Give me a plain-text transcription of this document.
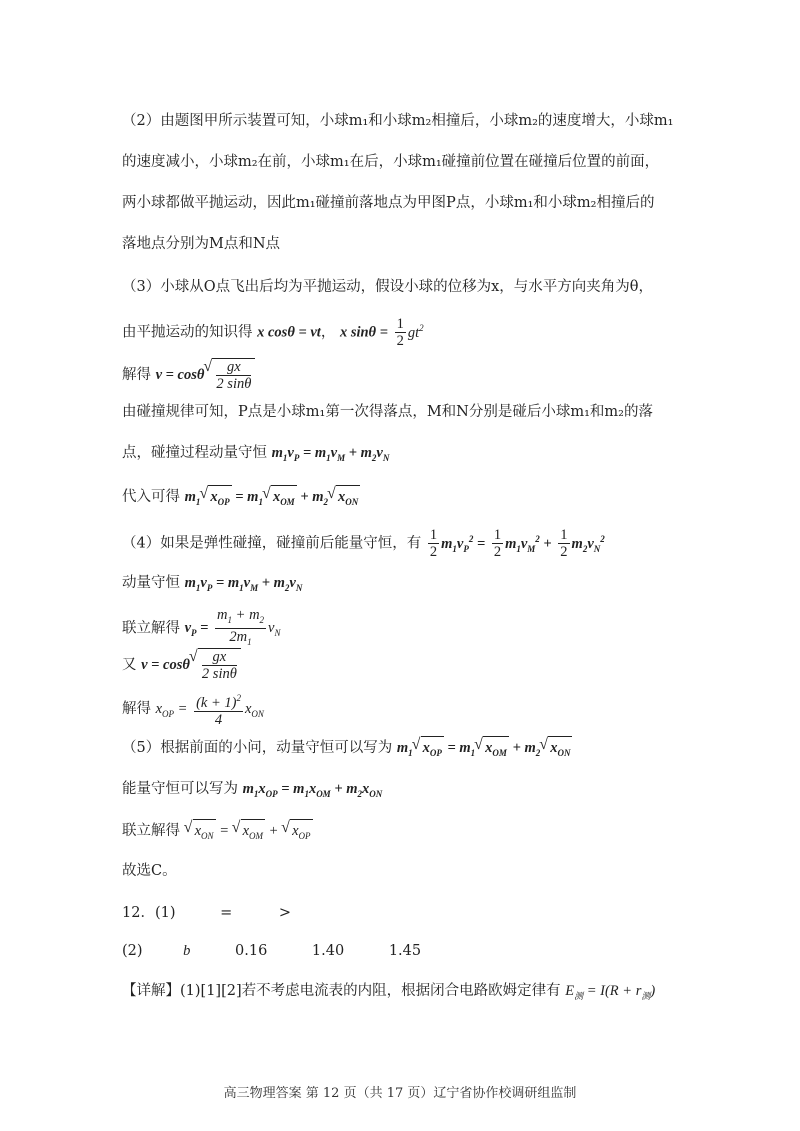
（2）由题图甲所示装置可知，小球m₁和小球m₂相撞后，小球m₂的速度增大，小球m₁
的速度减小，小球m₂在前，小球m₁在后，小球m₁碰撞前位置在碰撞后位置的前面，
两小球都做平抛运动，因此m₁碰撞前落地点为甲图P点，小球m₁和小球m₂相撞后的
落地点分别为M点和N点
（3）小球从O点飞出后均为平抛运动，假设小球的位移为x，与水平方向夹角为θ，
由平抛运动的知识得 x cosθ = vt， x $\sin\theta = \frac{1}{2} gt^2$
解得 v = cosθ
√ $\frac{gx}{2 \sin\theta}$
由碰撞规律可知，P点是小球m₁第一次得落点，M和N分别是碰后小球m₁和m₂的落
点，碰撞过程动量守恒 $m_1v_P = m_1v_M + m_2v_N$
代入可得 $m_1√$ $x_{OP} = m_1√$ $x_{OM} + m_2√$ $x_{ON}$
（4）如果是弹性碰撞，碰撞前后能量守恒，有 $\frac{1}{2} m_1v_P^2 = \frac{1}{2} m_1v_M^2 + \frac{1}{2} m_2v_N^2$
动量守恒 $m_1v_P = m_1v_M + m_2v_N$
联立解得 $v_P = \frac{m_1 + m_2}{2m_1} v_N$
又 v = cosθ
√ $\frac{gx}{2 \sin\theta}$
解得 $x_{OP} = \frac{(k + 1)^2}{4} x_{ON}$
（5）根据前面的小问，动量守恒可以写为 $m_1√$ $x_{OP} = m_1√$ $x_{OM} + m_2√$ $x_{ON}$
能量守恒可以写为 $m_1x_{OP} = m_1x_{OM} + m_2x_{ON}$
联立解得 √ $x_{ON}$ = √ $x_{OM}$ + √ $x_{OP}$
故选C。
12．(1)	=	>
(2)	b	0.16	1.40	1.45
【详解】(1)[1][2]若不考虑电流表的内阻，根据闭合电路欧姆定律有 $E_测 = I(R + r_测)$
高三物理答案 第 12 页（共 17 页）辽宁省协作校调研组监制
